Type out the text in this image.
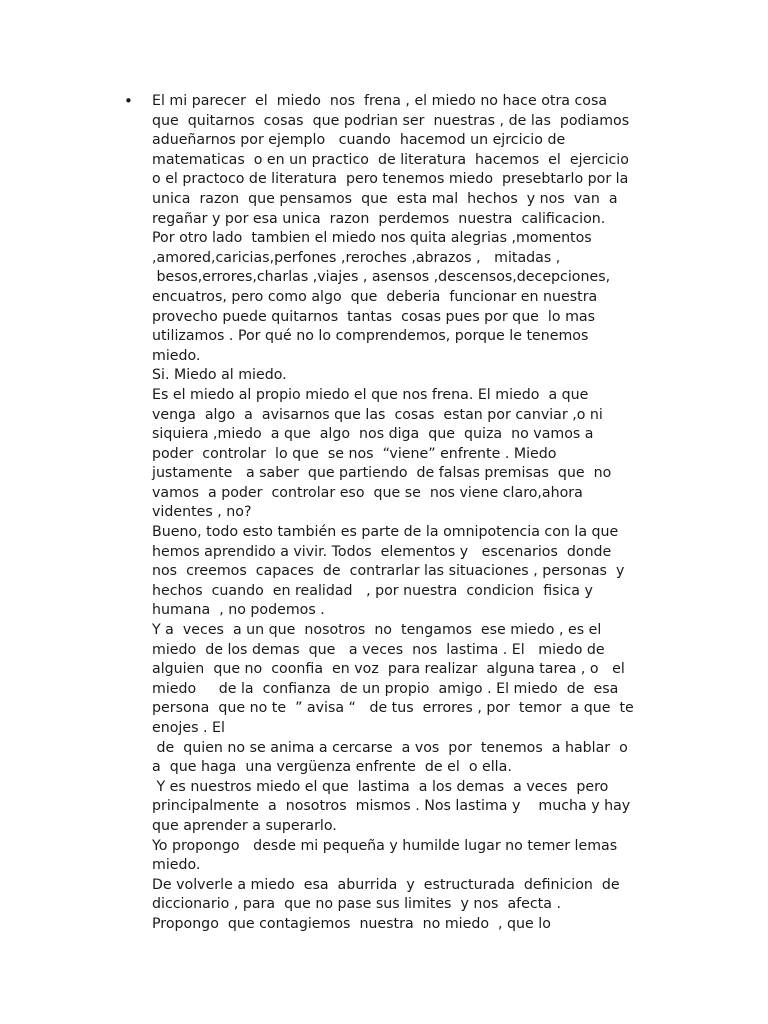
• El mi parecer  el  miedo  nos  frena , el miedo no hace otra cosa
que  quitarnos  cosas  que podrian ser  nuestras , de las  podiamos
adueñarnos por ejemplo   cuando  hacemod un ejrcicio de
matematicas  o en un practico  de literatura  hacemos  el  ejercicio
o el practoco de literatura  pero tenemos miedo  presebtarlo por la
unica  razon  que pensamos  que  esta mal  hechos  y nos  van  a
regañar y por esa unica  razon  perdemos  nuestra  calificacion.
Por otro lado  tambien el miedo nos quita alegrias ,momentos
,amored,caricias,perfones ,reroches ,abrazos ,   mitadas ,
besos,errores,charlas ,viajes , asensos ,descensos,decepciones,
encuatros, pero como algo  que  deberia  funcionar en nuestra
provecho puede quitarnos  tantas  cosas pues por que  lo mas
utilizamos . Por qué no lo comprendemos, porque le tenemos
miedo.
Si. Miedo al miedo.
Es el miedo al propio miedo el que nos frena. El miedo  a que
venga  algo  a  avisarnos que las  cosas  estan por canviar ,o ni
siquiera ,miedo  a que  algo  nos diga  que  quiza  no vamos a
poder  controlar  lo que  se nos  “viene” enfrente . Miedo
justamente   a saber  que partiendo  de falsas premisas  que  no
vamos  a poder  controlar eso  que se  nos viene claro,ahora
videntes , no?
Bueno, todo esto también es parte de la omnipotencia con la que
hemos aprendido a vivir. Todos  elementos y   escenarios  donde
nos  creemos  capaces  de  contrarlar las situaciones , personas  y
hechos  cuando  en realidad   , por nuestra  condicion  fisica y
humana  , no podemos .
Y a  veces  a un que  nosotros  no  tengamos  ese miedo , es el
miedo  de los demas  que   a veces  nos  lastima . El   miedo de
alguien  que no  coonfia  en voz  para realizar  alguna tarea , o   el
miedo     de la  confianza  de un propio  amigo . El miedo  de  esa
persona  que no te  ” avisa “   de tus  errores , por  temor  a que  te
enojes . El
de  quien no se anima a cercarse  a vos  por  tenemos  a hablar  o
a  que haga  una vergüenza enfrente  de el  o ella.
Y es nuestros miedo el que  lastima  a los demas  a veces  pero
principalmente  a  nosotros  mismos . Nos lastima y    mucha y hay
que aprender a superarlo.
Yo propongo   desde mi pequeña y humilde lugar no temer lemas
miedo.
De volverle a miedo  esa  aburrida  y  estructurada  definicion  de
diccionario , para  que no pase sus limites  y nos  afecta .
Propongo  que contagiemos  nuestra  no miedo  , que lo
